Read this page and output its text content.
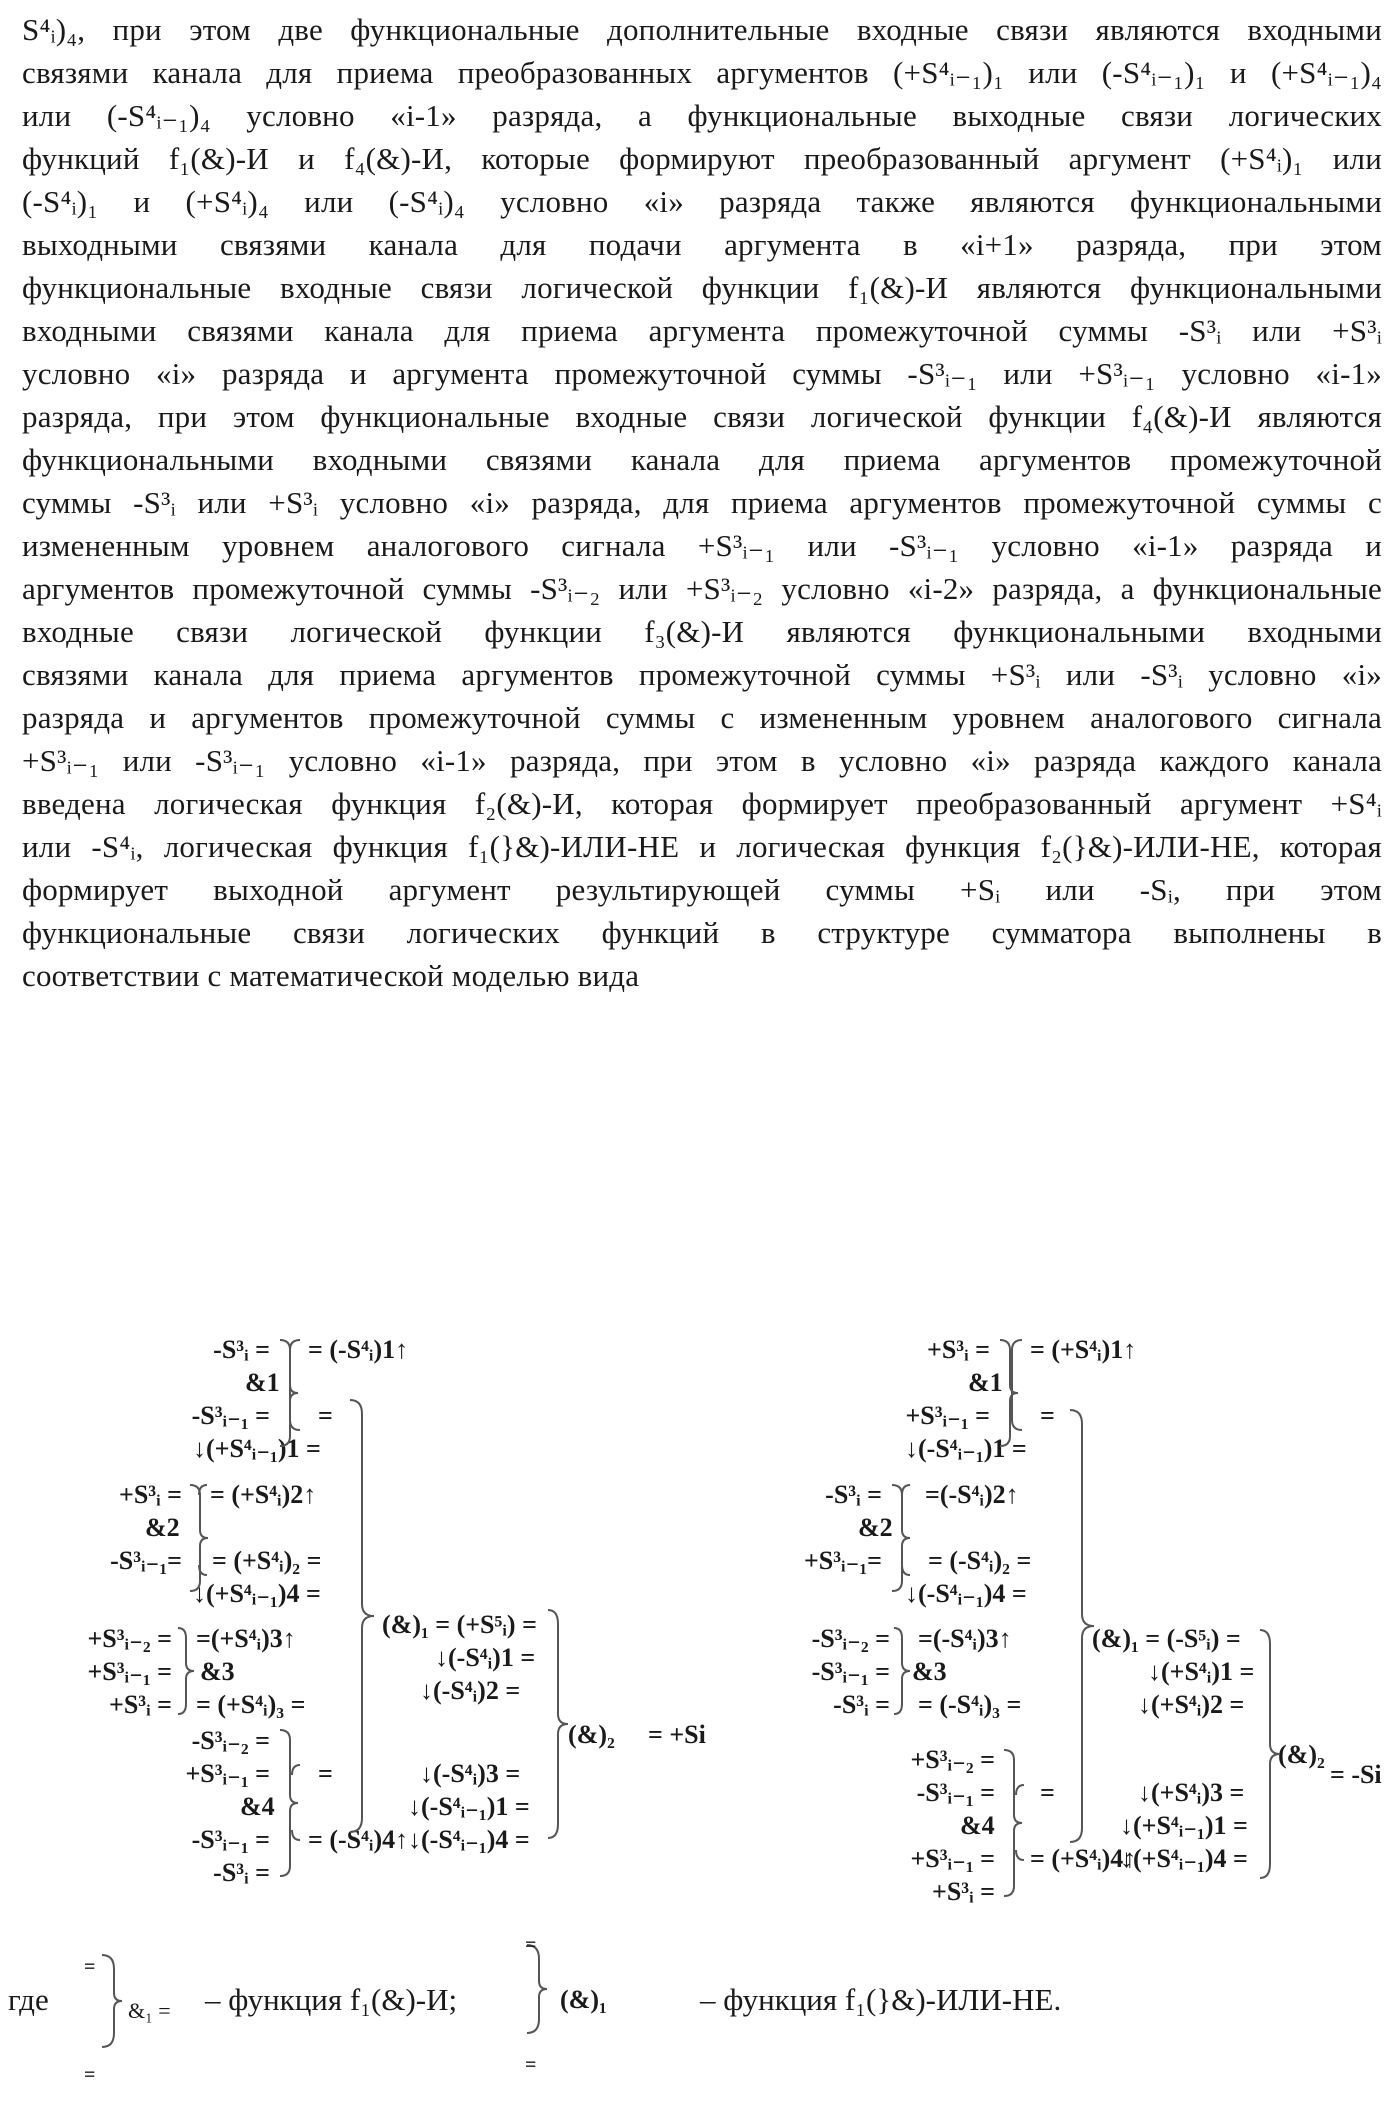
S⁴ᵢ)₄, при этом две функциональные дополнительные входные связи являются входными
связями канала для приема преобразованных аргументов (+S⁴ᵢ₋₁)₁ или (-S⁴ᵢ₋₁)₁ и (+S⁴ᵢ₋₁)₄
или (-S⁴ᵢ₋₁)₄ условно «i-1» разряда, а функциональные выходные связи логических
функций f₁(&)-И и f₄(&)-И, которые формируют преобразованный аргумент (+S⁴ᵢ)₁ или
(-S⁴ᵢ)₁ и (+S⁴ᵢ)₄ или (-S⁴ᵢ)₄ условно «i» разряда также являются функциональными
выходными связями канала для подачи аргумента в «i+1» разряда, при этом
функциональные входные связи логической функции f₁(&)-И являются функциональными
входными связями канала для приема аргумента промежуточной суммы -S³ᵢ или +S³ᵢ
условно «i» разряда и аргумента промежуточной суммы -S³ᵢ₋₁ или +S³ᵢ₋₁ условно «i-1»
разряда, при этом функциональные входные связи логической функции f₄(&)-И являются
функциональными входными связями канала для приема аргументов промежуточной
суммы -S³ᵢ или +S³ᵢ условно «i» разряда, для приема аргументов промежуточной суммы с
измененным уровнем аналогового сигнала +S³ᵢ₋₁ или -S³ᵢ₋₁ условно «i-1» разряда и
аргументов промежуточной суммы -S³ᵢ₋₂ или +S³ᵢ₋₂ условно «i-2» разряда, а функциональные
входные связи логической функции f₃(&)-И являются функциональными входными
связями канала для приема аргументов промежуточной суммы +S³ᵢ или -S³ᵢ условно «i»
разряда и аргументов промежуточной суммы с измененным уровнем аналогового сигнала
+S³ᵢ₋₁ или -S³ᵢ₋₁ условно «i-1» разряда, при этом в условно «i» разряда каждого канала
введена логическая функция f₂(&)-И, которая формирует преобразованный аргумент +S⁴ᵢ
или -S⁴ᵢ, логическая функция f₁(}&)-ИЛИ-НЕ и логическая функция f₂(}&)-ИЛИ-НЕ, которая
формирует выходной аргумент результирующей суммы +Sᵢ или -Sᵢ, при этом
функциональные связи логических функций в структуре сумматора выполнены в
соответствии с математической моделью вида
-S³ᵢ =
&1
-S³ᵢ₋₁ =
= (-S⁴ᵢ)1↑
=
↓(+S⁴ᵢ₋₁)1 =
+S³ᵢ =
&2
-S³ᵢ₋₁=
= (+S⁴ᵢ)2↑
= (+S⁴ᵢ)₂ =
↓(+S⁴ᵢ₋₁)4 =
+S³ᵢ₋₂ =
+S³ᵢ₋₁ = &3
+S³ᵢ =
=(+S⁴ᵢ)3↑
= (+S⁴ᵢ)₃ =
-S³ᵢ₋₂ =
+S³ᵢ₋₁ =
&4
-S³ᵢ₋₁ =
-S³ᵢ =
=
= (-S⁴ᵢ)4↑
(&)₁ = (+S⁵ᵢ) =
↓(-S⁴ᵢ)1 =
↓(-S⁴ᵢ)2 =
↓(-S⁴ᵢ)3 =
↓(-S⁴ᵢ₋₁)1 =
↓(-S⁴ᵢ₋₁)4 =
(&)₂ = +Si
+S³ᵢ =
&1
+S³ᵢ₋₁ =
= (+S⁴ᵢ)1↑
=
↓(-S⁴ᵢ₋₁)1 =
-S³ᵢ =
&2
+S³ᵢ₋₁=
=(-S⁴ᵢ)2↑
= (-S⁴ᵢ)₂ =
↓(-S⁴ᵢ₋₁)4 =
-S³ᵢ₋₂ =
-S³ᵢ₋₁ = &3
-S³ᵢ =
=(-S⁴ᵢ)3↑
= (-S⁴ᵢ)₃ =
+S³ᵢ₋₂ =
-S³ᵢ₋₁ =
&4
+S³ᵢ₋₁ =
+S³ᵢ =
=
= (+S⁴ᵢ)4↑
(&)₁ = (-S⁵ᵢ) =
↓(+S⁴ᵢ)1 =
↓(+S⁴ᵢ)2 =
↓(+S⁴ᵢ)3 =
↓(+S⁴ᵢ₋₁)1 =
↓(+S⁴ᵢ₋₁)4 =
(&)₂
= -Si
где
=
=
&₁ = – функция f₁(&)-И;
=
=
(&)₁	– функция f₁(}&)-ИЛИ-НЕ.
